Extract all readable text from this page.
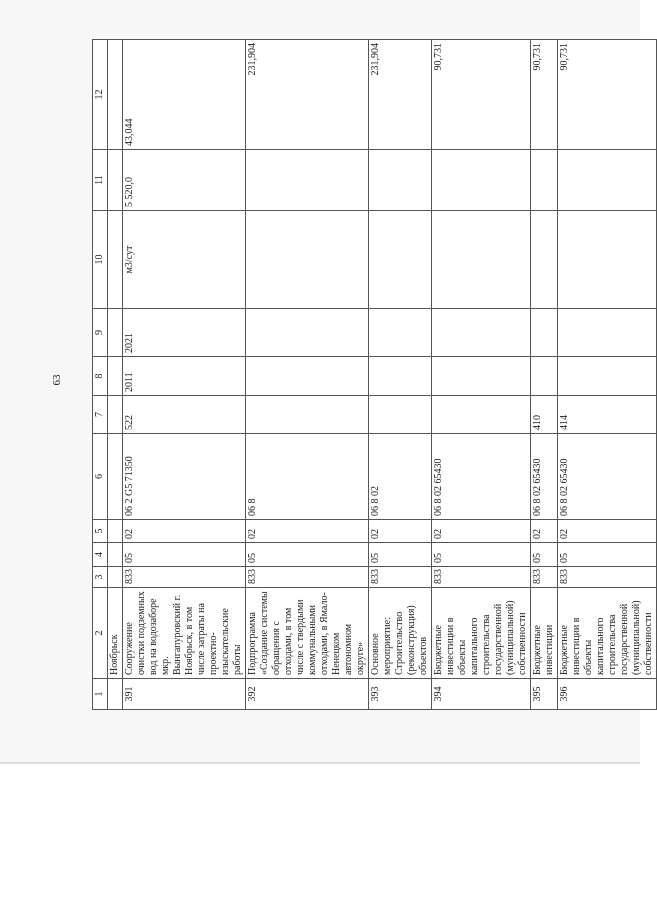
63
1	2	3	4	5	6	7	8	9	10	11	12
	Ноябрьск										
391	Сооружение очистки подземных вод на водозаборе мкр. Вынгапуровский г. Ноябрьск, в том числе затраты на проектно-изыскательские работы	833	05	02	06 2 G5 71350	522	2011	2021	м3/сут	5 520,0	43,044
392	Подпрограмма «Создание системы обращения с отходами, в том числе с твердыми коммунальными отходами, в Ямало-Ненецком автономном округе»	833	05	02	06 8						231,904
393	Основное мероприятие: Строительство (реконструкция) объектов	833	05	02	06 8 02						231,904
394	Бюджетные инвестиции в объекты капитального строительства государственной (муниципальной) собственности	833	05	02	06 8 02 65430						90,731
395	Бюджетные инвестиции	833	05	02	06 8 02 65430	410					90,731
396	Бюджетные инвестиции в объекты капитального строительства государственной (муниципальной) собственности	833	05	02	06 8 02 65430	414					90,731
